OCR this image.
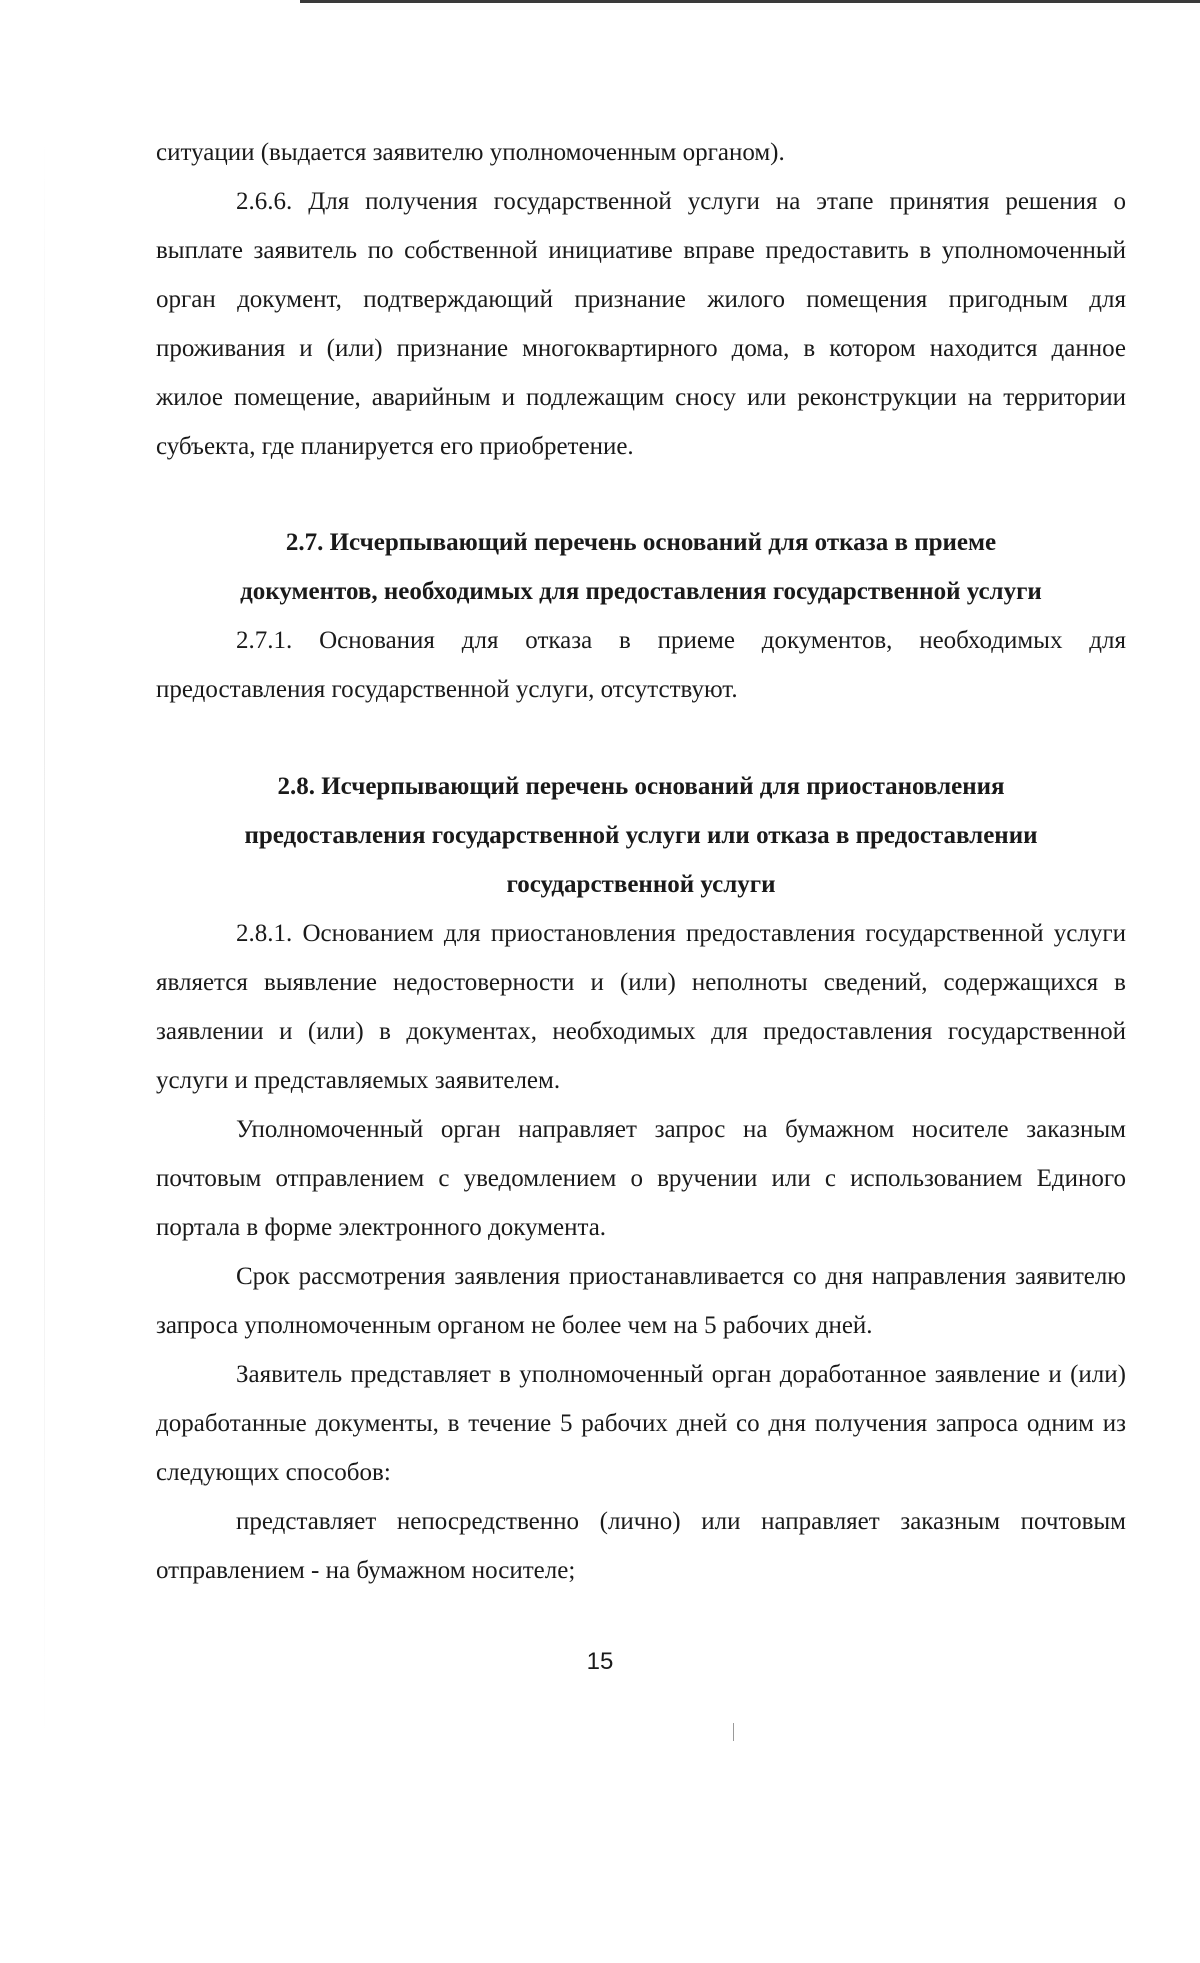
ситуации (выдается заявителю уполномоченным органом).

2.6.6. Для получения государственной услуги на этапе принятия решения о выплате заявитель по собственной инициативе вправе предоставить в уполномоченный орган документ, подтверждающий признание жилого помещения пригодным для проживания и (или) признание многоквартирного дома, в котором находится данное жилое помещение, аварийным и подлежащим сносу или реконструкции на территории субъекта, где планируется его приобретение.

2.7. Исчерпывающий перечень оснований для отказа в приеме

документов, необходимых для предоставления государственной услуги

2.7.1. Основания для отказа в приеме документов, необходимых для предоставления государственной услуги, отсутствуют.

2.8. Исчерпывающий перечень оснований для приостановления

предоставления государственной услуги или отказа в предоставлении

государственной услуги

2.8.1. Основанием для приостановления предоставления государственной услуги является выявление недостоверности и (или) неполноты сведений, содержащихся в заявлении и (или) в документах, необходимых для предоставления государственной услуги и представляемых заявителем.

Уполномоченный орган направляет запрос на бумажном носителе заказным почтовым отправлением с уведомлением о вручении или с использованием Единого портала в форме электронного документа.

Срок рассмотрения заявления приостанавливается со дня направления заявителю запроса уполномоченным органом не более чем на 5 рабочих дней.

Заявитель представляет в уполномоченный орган доработанное заявление и (или) доработанные документы, в течение 5 рабочих дней со дня получения запроса одним из следующих способов:

представляет непосредственно (лично) или направляет заказным почтовым отправлением - на бумажном носителе;

15
